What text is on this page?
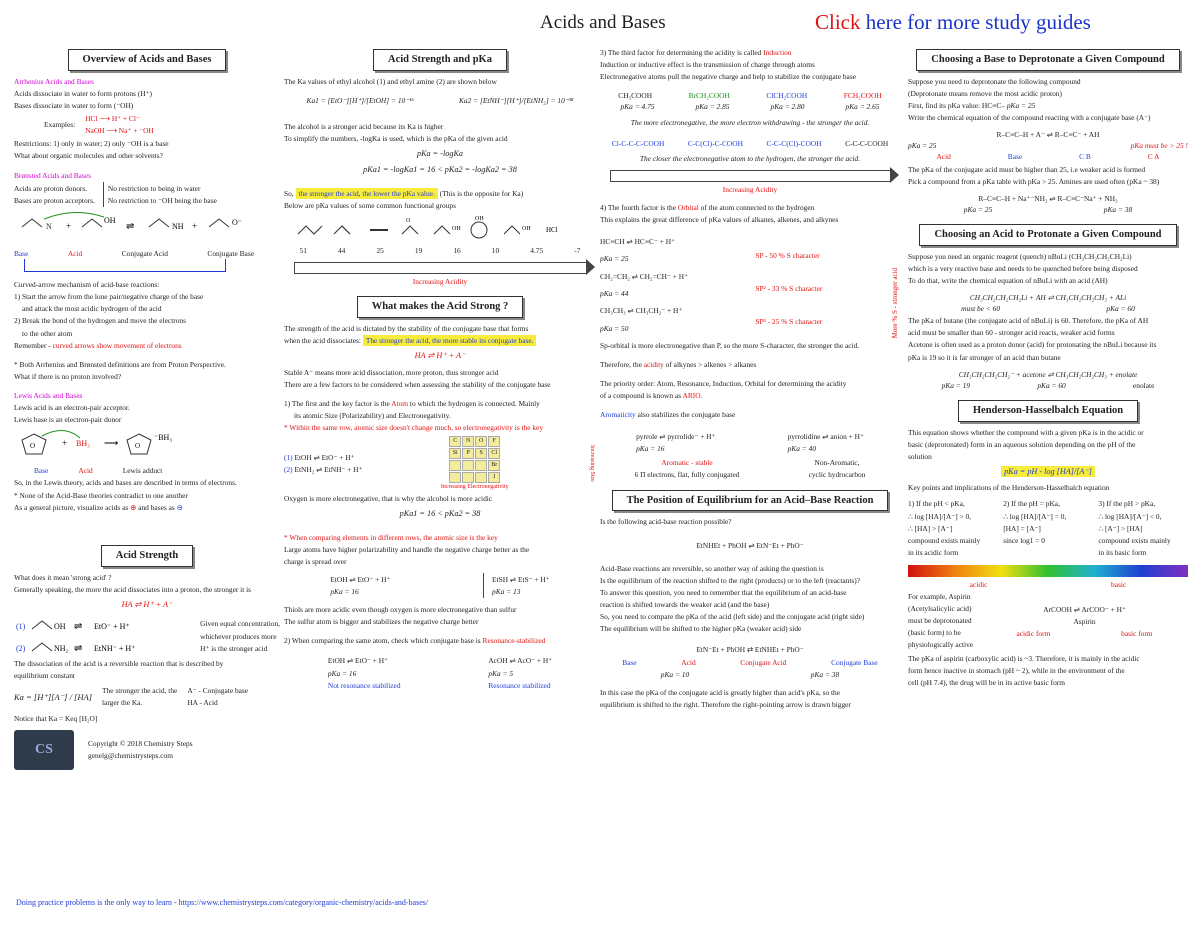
Acids and Bases	Click here for more study guides
Overview of Acids and Bases

Arrhenius Acids and Bases

Acids dissociate in water to form protons (H⁺)

Bases dissociate in water to form (⁻OH)

Examples:

HCl ⟶ H⁺ + Cl⁻

NaOH ⟶ Na⁺ + ⁻OH

Restrictions: 1) only in water; 2) only ⁻OH is a base

What about organic molecules and other solvents?

Brønsted Acids and Bases

Acids are proton donors.

Bases are proton acceptors.

No restriction to being in water

No restriction to ⁻OH being the base

N +
OH
⇌	NH +	O⁻
Base	Acid	Conjugate Acid	Conjugate Base

Curved-arrow mechanism of acid-base reactions:

1) Start the arrow from the lone pair/negative charge of the base

and attack the most acidic hydrogen of the acid

2) Break the bond of the hydrogen and move the electrons

to the other atom

Remember - curved arrows show movement of electrons

* Both Arrhenius and Brønsted definitions are from Proton Perspective.

What if there is no proton involved?

Lewis Acids and Bases

Lewis acid is an electron-pair acceptor.

Lewis base is an electron-pair donor

O	+ BH₃ ⟶ O
⁻BH₃
Base	Acid	Lewis adduct

So, in the Lewis theory, acids and bases are described in terms of electrons.

* None of the Acid-Base theories contradict to one another

As a general picture, visualize acids as ⊕ and bases as ⊖

Acid Strength

What does it mean 'strong acid' ?

Generally speaking, the more the acid dissociates into a proton, the stronger it is

HA ⇌ H⁺ + A⁻

(1)	OH ⇌ EtO⁻ + H⁺
(2)	NH₂ ⇌ EtNH⁻ + H⁺

Given equal concentration,

whichever produces more

H⁺ is the stronger acid

The dissociation of the acid is a reversible reaction that is described by

equilibrium constant

Ka = [H⁺][A⁻] / [HA]

The stronger the acid, the

larger the Ka.

A⁻ - Conjugate base

HA - Acid

Notice that Ka = Keq [H₂O]

CS	Copyright © 2018 Chemistry Steps

genelg@chemistrysteps.com

Acid Strength and pKa

The Ka values of ethyl alcohol (1) and ethyl amine (2) are shown below

Ka1 = [EtO⁻][H⁺]/[EtOH] = 10⁻¹⁶	Ka2 = [EtNH⁻][H⁺]/[EtNH₂] = 10⁻³⁸

The alcohol is a stronger acid because its Ka is higher

To simplify the numbers, -logKa is used, which is the pKa of the given acid

pKa = -logKa

pKa1 = -logKa1 = 16 < pKa2 = -logKa2 = 38

So, the stronger the acid, the lower the pKa value. (This is the opposite for Ka)

Below are pKa values of some common functional groups

O
OH
OH
OH HCl
51	44	25	19	16	10	4.75	-7
Increasing Acidity
What makes the Acid Strong ?

The strength of the acid is dictated by the stability of the conjugate base that forms

when the acid dissociates: The stronger the acid, the more stable its conjugate base.

HA ⇌ H⁺ + A⁻

Stable A⁻ means more acid dissociation, more proton, thus stronger acid

There are a few factors to be considered when assessing the stability of the conjugate base

1) The first and the key factor is the Atom to which the hydrogen is connected. Mainly

its atomic Size (Polarizability) and Electronegativity.

* Within the same row, atomic size doesn't change much, so electronegativity is the key

(1) EtOH ⇌ EtO⁻ + H⁺

(2) EtNH₂ ⇌ EtNH⁻ + H⁺

C	N	O	F
Si	P	S	Cl
Br
I
Increasing Electronegativity
Increasing Size

Oxygen is more electronegative, that is why the alcohol is more acidic

pKa1 = 16 < pKa2 = 38

* When comparing elements in different rows, the atomic size is the key

Large atoms have higher polarizability and handle the negative charge better as the

charge is spread over

EtOH ⇌ EtO⁻ + H⁺

pKa = 16

EtSH ⇌ EtS⁻ + H⁺

pKa = 13

Thiols are more acidic even though oxygen is more electronegative than sulfur

The sulfur atom is bigger and stabilizes the negative charge better

2) When comparing the same atom, check which conjugate base is Resonance-stabilized

EtOH ⇌ EtO⁻ + H⁺

pKa = 16

Not resonance stabilized

AcOH ⇌ AcO⁻ + H⁺

pKa = 5

Resonance stabilized

3) The third factor for determining the acidity is called Induction

Induction or inductive effect is the transmission of charge through atoms

Electronegative atoms pull the negative charge and help to stabilize the conjugate base

CH₃COOH	BrCH₂COOH	ClCH₂COOH	FCH₂COOH
pKa = 4.75	pKa = 2.85	pKa = 2.80	pKa = 2.65

The more electronegative, the more electron withdrawing - the stronger the acid.

Cl-C-C-C-COOH	C-C(Cl)-C-COOH	C-C-C(Cl)-COOH	C-C-C-COOH

The closer the electronegative atom to the hydrogen, the stronger the acid.

Increasing Acidity

4) The fourth factor is the Orbital of the atom connected to the hydrogen

This explains the great difference of pKa values of alkanes, alkenes, and alkynes

HC≡CH ⇌ HC≡C⁻ + H⁺

pKa = 25

CH₂=CH₂ ⇌ CH₂=CH⁻ + H⁺

pKa = 44

CH₃CH₃ ⇌ CH₃CH₂⁻ + H⁺

pKa = 50

SP - 50 % S character

SP² - 33 % S character

SP³ - 25 % S character	More % S - stronger acid

Sp-orbital is more electronegative than P, so the more S-character, the stronger the acid.

Therefore, the acidity of alkynes > alkenes > alkanes

The priority order: Atom, Resonance, Induction, Orbital for determining the acidity

of a compound is known as ARIO.

Aromaticity also stabilizes the conjugate base

pyrrole ⇌ pyrrolide⁻ + H⁺

pKa = 16

pyrrolidine ⇌ anion + H⁺

pKa = 40

Aromatic - stable

6 Π electrons, flat, fully conjugated

Non-Aromatic,

cyclic hydrocarbon

The Position of Equilibrium for an Acid–Base Reaction

Is the following acid-base reaction possible?

EtNHEt + PhOH ⇌ EtN⁻Et + PhO⁻

Acid-Base reactions are reversible, so another way of asking the question is

Is the equilibrium of the reaction shifted to the right (products) or to the left (reactants)?

To answer this question, you need to remember that the equilibrium of an acid-base

reaction is shifted towards the weaker acid (and the base)

So, you need to compare the pKa of the acid (left side) and the conjugate acid (right side)

The equilibrium will be shifted to the higher pKa (weaker acid) side

EtN⁻Et + PhOH ⇄ EtNHEt + PhO⁻

Base	Acid	Conjugate Acid	Conjugate Base
pKa = 10	pKa = 38

In this case the pKa of the conjugate acid is greatly higher than acid's pKa, so the

equilibrium is shifted to the right. Therefore the right-pointing arrow is drawn bigger

Choosing a Base to Deprotonate a Given Compound

Suppose you need to deprotonate the following compound

(Deprotonate means remove the most acidic proton)

First, find its pKa value: HC≡C– pKa = 25

Write the chemical equation of the compound reacting with a conjugate base (A⁻)

R–C≡C–H + A⁻ ⇌ R–C≡C⁻ + AH

pKa = 25	pKa must be > 25 !
Acid	Base	C B	C A

The pKa of the conjugate acid must be higher than 25, i.e weaker acid is formed

Pick a compound from a pKa table with pKa > 25. Amines are used often (pKa ~ 38)

R–C≡C–H + Na⁺⁻NH₂ ⇌ R–C≡C⁻Na⁺ + NH₃

pKa = 25	pKa = 38
Choosing an Acid to Protonate a Given Compound

Suppose you need an organic reagent (quench) nBuLi (CH₃CH₂CH₂CH₂Li)

which is a very reactive base and needs to be quenched before being disposed

To do that, write the chemical equation of nBuLi with an acid (AH)

CH₃CH₂CH₂CH₂Li + AH ⇌ CH₃CH₂CH₂CH₃ + ALi

must be < 60	pKa = 60

The pKa of butane (the conjugate acid of nBuLi) is 60. Therefore, the pKa of AH

acid must be smaller than 60 - stronger acid reacts, weaker acid forms

Acetone is often used as a proton donor (acid) for protonating the nBuLi because its

pKa is 19 so it is far stronger of an acid than butane

CH₃CH₂CH₂CH₂⁻ + acetone ⇌ CH₃CH₂CH₂CH₃ + enolate

pKa = 19	pKa = 60	enolate
Henderson-Hasselbalch Equation

This equation shows whether the compound with a given pKa is in the acidic or

basic (deprotonated) form in an aqueous solution depending on the pH of the

solution

pKa = pH - log [HA]/[A⁻]

Key points and implications of the Henderson-Hasselbalch equation

1) If the pH < pKa,

∴ log [HA]/[A⁻] > 0,

∴ [HA] > [A⁻]

compound exists mainly

in its acidic form

2) If the pH = pKa,

∴ log [HA]/[A⁻] = 0,

[HA] = [A⁻]

since log1 = 0

3) If the pH > pKa,

∴ log [HA]/[A⁻] < 0,

∴ [A⁻] > [HA]

compound exists mainly

in its basic form

acidic	basic

For example, Aspirin

(Acetylsalicylic acid)

must be deprotonated

(basic form) to be

physiologically active

ArCOOH ⇌ ArCOO⁻ + H⁺

Aspirin

acidic form	basic form

The pKa of aspirin (carboxylic acid) is ~3. Therefore, it is mainly in the acidic

form hence inactive in stomach (pH ~ 2), while in the environment of the

cell (pH 7.4), the drug will be in its active basic form

Doing practice problems is the only way to learn - https://www.chemistrysteps.com/category/organic-chemistry/acids-and-bases/
